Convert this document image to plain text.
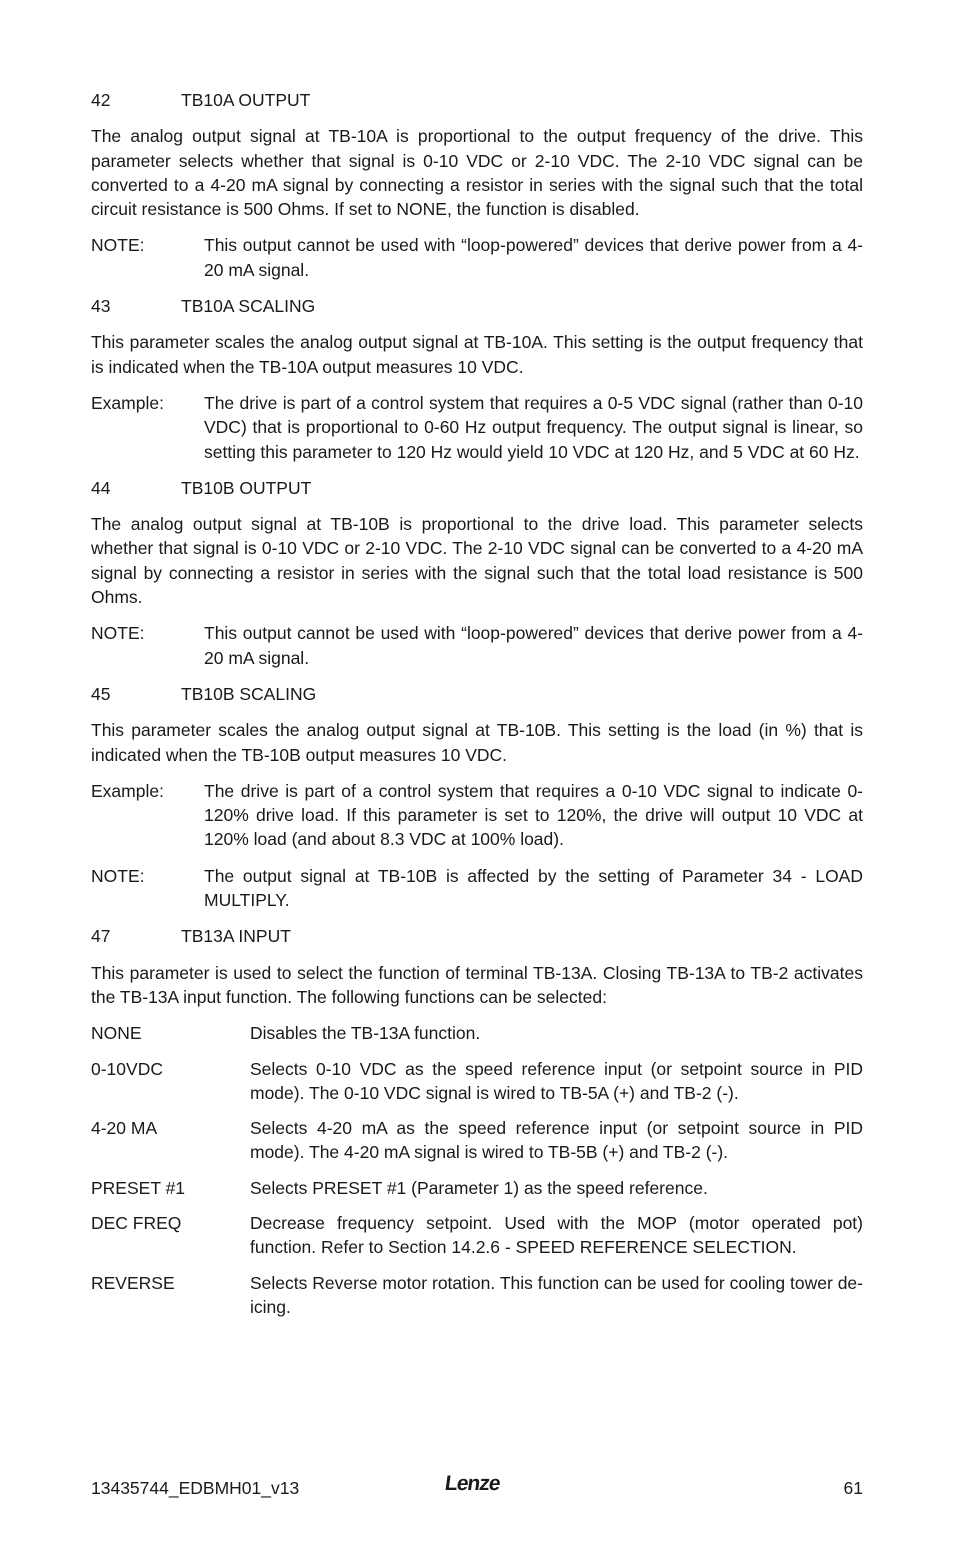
42	TB10A OUTPUT
The analog output signal at TB-10A is proportional to the output frequency of the drive. This parameter selects whether that signal is 0-10 VDC or 2-10 VDC. The 2-10 VDC signal can be converted to a 4-20 mA signal by connecting a resistor in series with the signal such that the total circuit resistance is 500 Ohms. If set to NONE, the function is disabled.
NOTE:	This output cannot be used with “loop-powered” devices that derive power from a 4-20 mA signal.
43	TB10A SCALING
This parameter scales the analog output signal at TB-10A. This setting is the output frequency that is indicated when the TB-10A output measures 10 VDC.
Example:	The drive is part of a control system that requires a 0-5 VDC signal (rather than 0-10 VDC) that is proportional to 0-60 Hz output frequency. The output signal is linear, so setting this parameter to 120 Hz would yield 10 VDC at 120 Hz, and 5 VDC at 60 Hz.
44	TB10B OUTPUT
The analog output signal at TB-10B is proportional to the drive load. This parameter selects whether that signal is 0-10 VDC or 2-10 VDC. The 2-10 VDC signal can be converted to a 4-20 mA signal by connecting a resistor in series with the signal such that the total load resistance is 500 Ohms.
NOTE:	This output cannot be used with “loop-powered” devices that derive power from a 4-20 mA signal.
45	TB10B SCALING
This parameter scales the analog output signal at TB-10B. This setting is the load (in %) that is indicated when the TB-10B output measures 10 VDC.
Example:	The drive is part of a control system that requires a 0-10 VDC signal to indicate 0-120% drive load. If this parameter is set to 120%, the drive will output 10 VDC at 120% load (and about 8.3 VDC at 100% load).
NOTE:	The output signal at TB-10B is affected by the setting of Parameter 34 - LOAD MULTIPLY.
47	TB13A INPUT
This parameter is used to select the function of terminal TB-13A. Closing TB-13A to TB-2 activates the TB-13A input function. The following functions can be selected:
NONE	Disables the TB-13A function.
0-10VDC	Selects 0-10 VDC as the speed reference input (or setpoint source in PID mode). The 0-10 VDC signal is wired to TB-5A (+) and TB-2 (-).
4-20 MA	Selects 4-20 mA as the speed reference input (or setpoint source in PID mode). The 4-20 mA signal is wired to TB-5B (+) and TB-2 (-).
PRESET #1	Selects PRESET #1 (Parameter 1) as the speed reference.
DEC FREQ	Decrease frequency setpoint. Used with the MOP (motor operated pot) function. Refer to Section 14.2.6 - SPEED REFERENCE SELECTION.
REVERSE	Selects Reverse motor rotation. This function can be used for cooling tower de-icing.
13435744_EDBMH01_v13	Lenze	61
